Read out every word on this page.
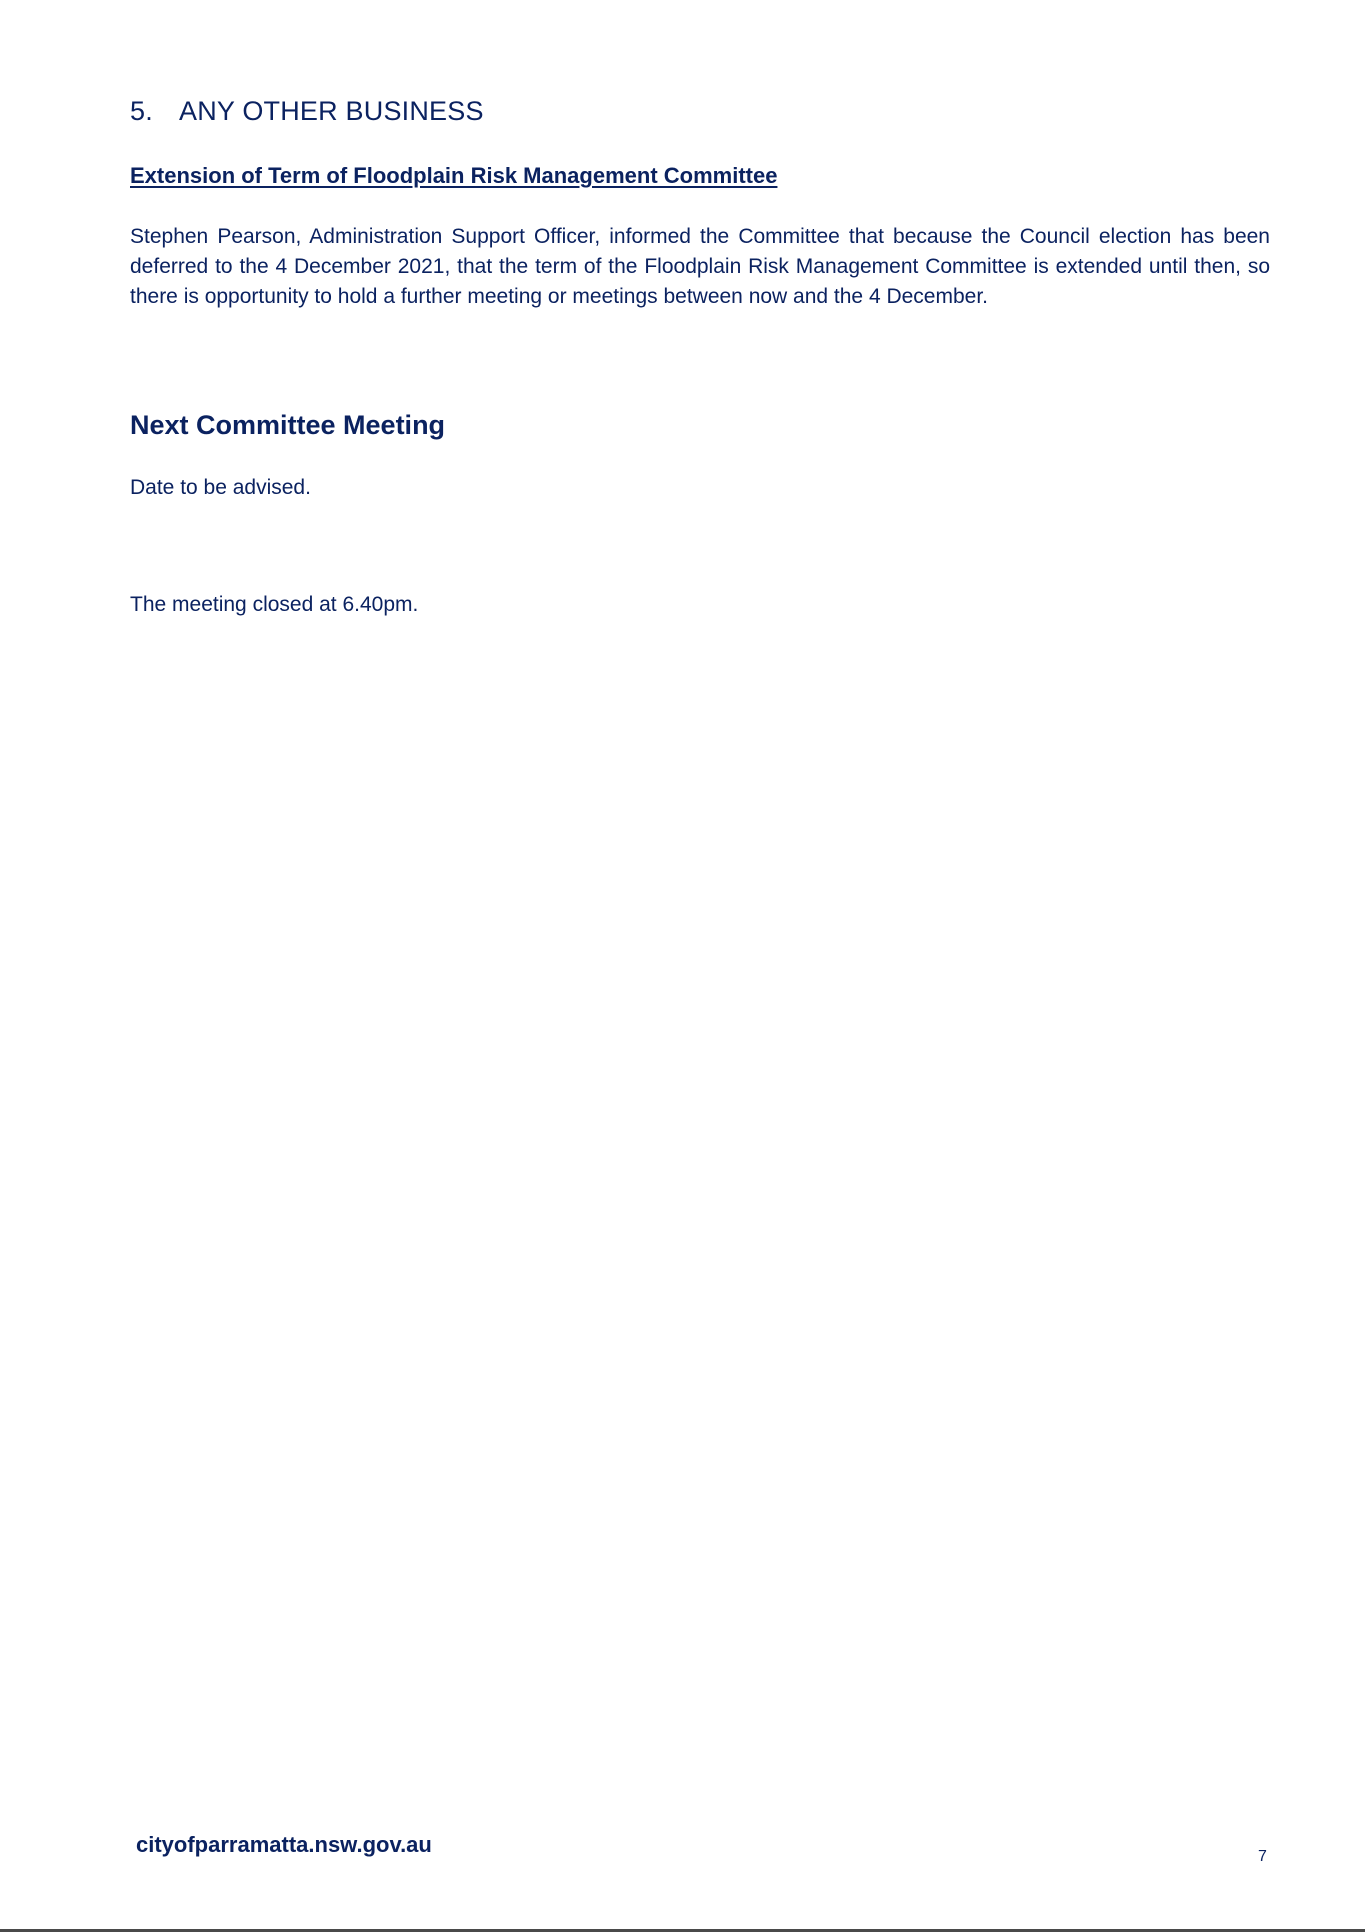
5. ANY OTHER BUSINESS
Extension of Term of Floodplain Risk Management Committee

Stephen Pearson, Administration Support Officer, informed the Committee that because the Council election has been deferred to the 4 December 2021, that the term of the Floodplain Risk Management Committee is extended until then, so there is opportunity to hold a further meeting or meetings between now and the 4 December.

Next Committee Meeting

Date to be advised.

The meeting closed at 6.40pm.

cityofparramatta.nsw.gov.au	7
